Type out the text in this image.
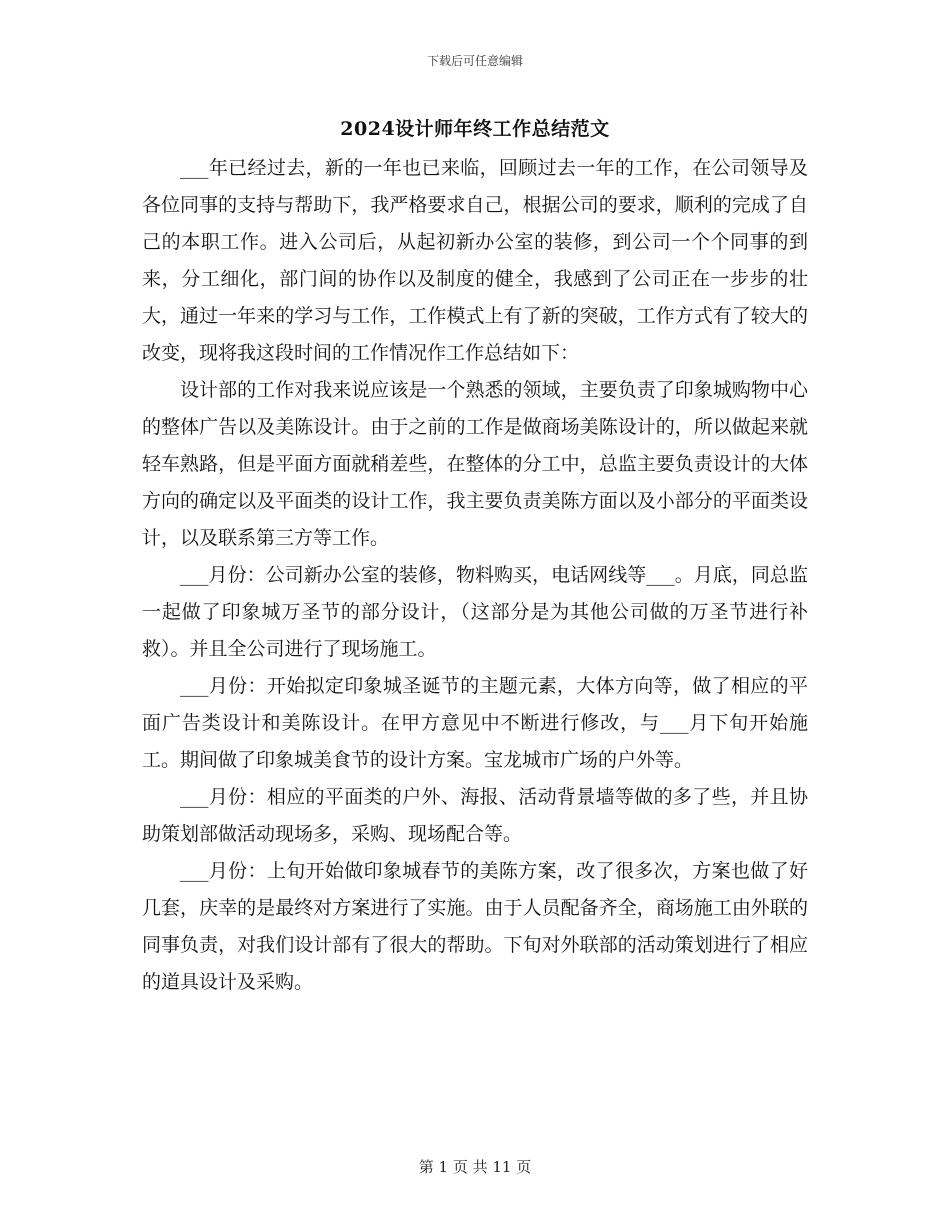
下载后可任意编辑
2024设计师年终工作总结范文

___年已经过去，新的一年也已来临，回顾过去一年的工作，在公司领导及各位同事的支持与帮助下，我严格要求自己，根据公司的要求，顺利的完成了自己的本职工作。进入公司后，从起初新办公室的装修，到公司一个个同事的到来，分工细化，部门间的协作以及制度的健全，我感到了公司正在一步步的壮大，通过一年来的学习与工作，工作模式上有了新的突破，工作方式有了较大的改变，现将我这段时间的工作情况作工作总结如下：

设计部的工作对我来说应该是一个熟悉的领域，主要负责了印象城购物中心的整体广告以及美陈设计。由于之前的工作是做商场美陈设计的，所以做起来就轻车熟路，但是平面方面就稍差些，在整体的分工中，总监主要负责设计的大体方向的确定以及平面类的设计工作，我主要负责美陈方面以及小部分的平面类设计，以及联系第三方等工作。

___月份：公司新办公室的装修，物料购买，电话网线等___。月底，同总监一起做了印象城万圣节的部分设计，（这部分是为其他公司做的万圣节进行补救）。并且全公司进行了现场施工。

___月份：开始拟定印象城圣诞节的主题元素，大体方向等，做了相应的平面广告类设计和美陈设计。在甲方意见中不断进行修改，与___月下旬开始施工。期间做了印象城美食节的设计方案。宝龙城市广场的户外等。

___月份：相应的平面类的户外、海报、活动背景墙等做的多了些，并且协助策划部做活动现场多，采购、现场配合等。

___月份：上旬开始做印象城春节的美陈方案，改了很多次，方案也做了好几套，庆幸的是最终对方案进行了实施。由于人员配备齐全，商场施工由外联的同事负责，对我们设计部有了很大的帮助。下旬对外联部的活动策划进行了相应的道具设计及采购。

第 1 页 共 11 页
